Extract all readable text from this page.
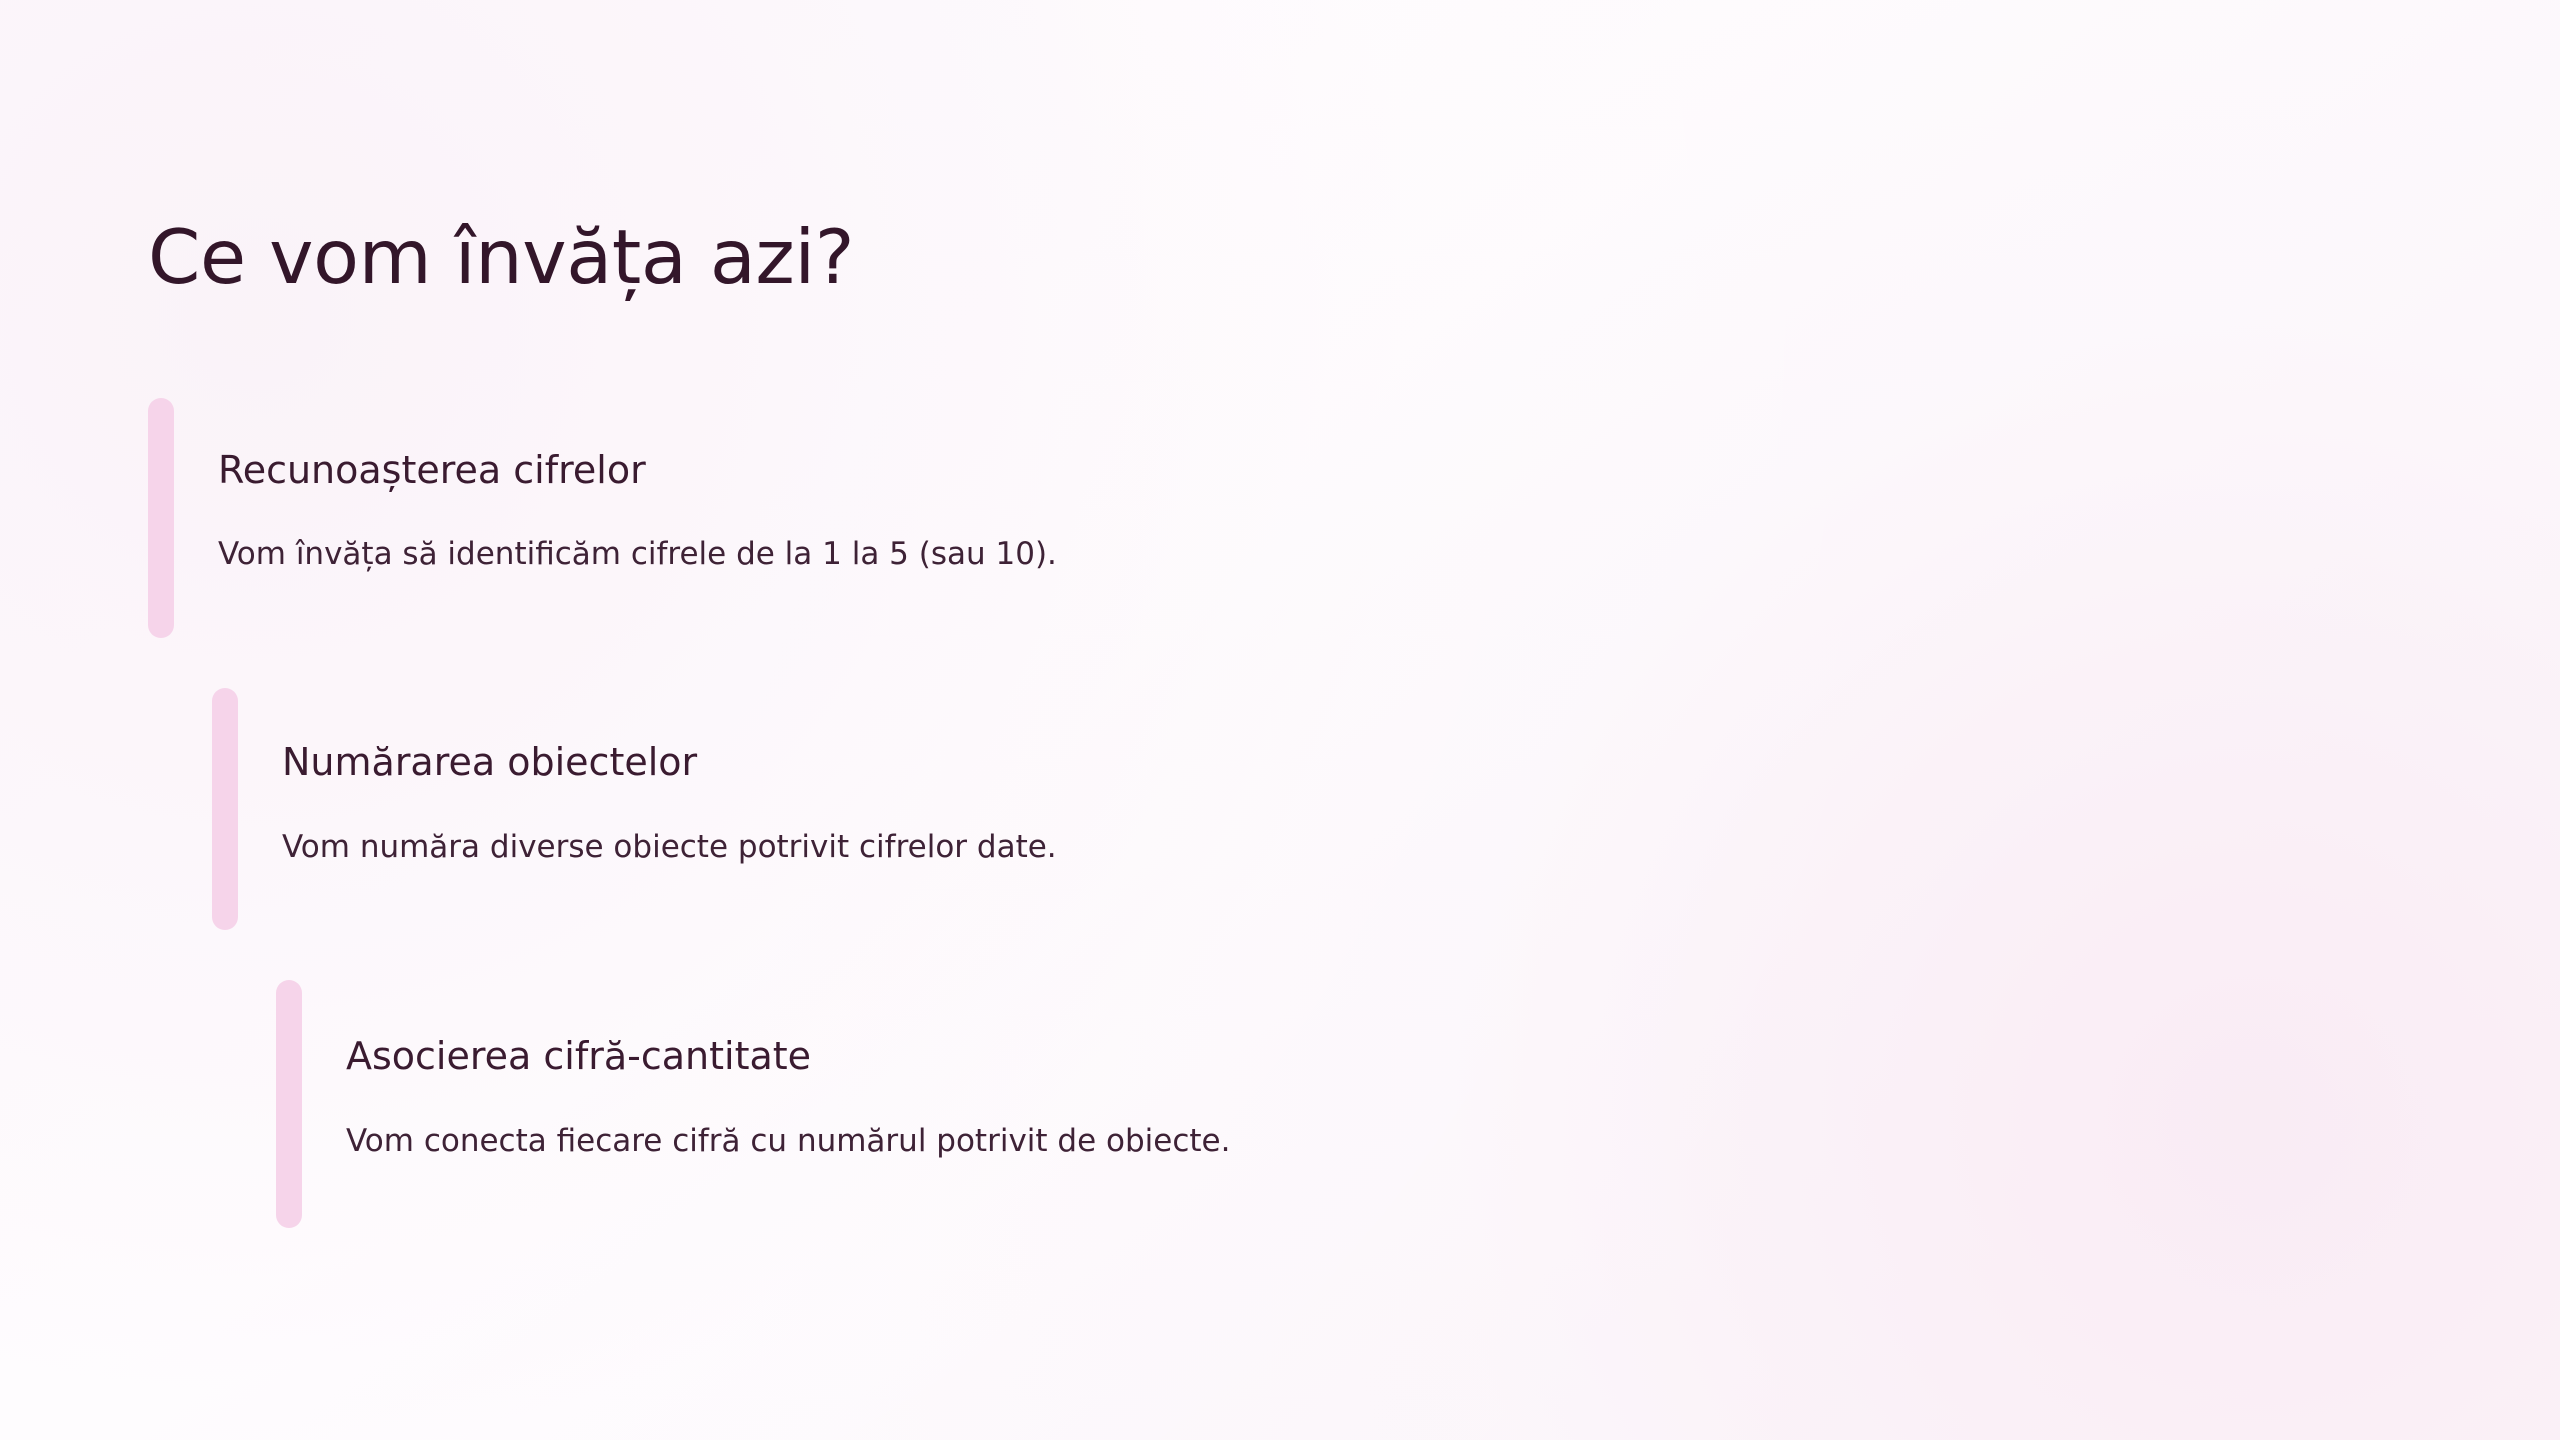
Ce vom învăța azi?
Recunoașterea cifrelor
Vom învăța să identificăm cifrele de la 1 la 5 (sau 10).
Numărarea obiectelor
Vom număra diverse obiecte potrivit cifrelor date.
Asocierea cifră-cantitate
Vom conecta fiecare cifră cu numărul potrivit de obiecte.
